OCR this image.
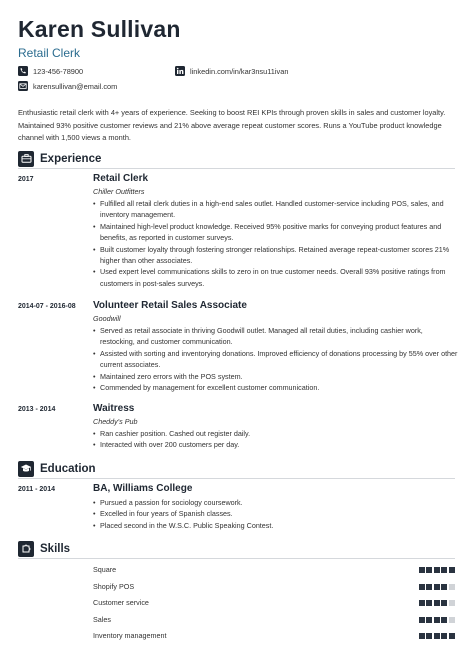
Karen Sullivan
Retail Clerk
123-456-78900	linkedin.com/in/kar3nsu11ivan
karensullivan@email.com
Enthusiastic retail clerk with 4+ years of experience. Seeking to boost REI KPIs through proven skills in sales and customer loyalty. Maintained 93% positive customer reviews and 21% above average repeat customer scores. Runs a YouTube product knowledge channel with 1,500 views a month.
Experience
2017	Retail Clerk
Chiller Outfitters
• Fulfilled all retail clerk duties in a high-end sales outlet. Handled customer-service including POS, sales, and inventory management.
• Maintained high-level product knowledge. Received 95% positive marks for conveying product features and benefits, as reported in customer surveys.
• Built customer loyalty through fostering stronger relationships. Retained average repeat-customer scores 21% higher than other associates.
• Used expert level communications skills to zero in on true customer needs. Overall 93% positive ratings from customers in post-sales surveys.
2014-07 - 2016-08 Volunteer Retail Sales Associate
Goodwill
• Served as retail associate in thriving Goodwill outlet. Managed all retail duties, including cashier work, restocking, and customer communication.
• Assisted with sorting and inventorying donations. Improved efficiency of donations processing by 55% over other current associates.
• Maintained zero errors with the POS system.
• Commended by management for excellent customer communication.
2013 - 2014	Waitress
Cheddy's Pub
• Ran cashier position. Cashed out register daily.
• Interacted with over 200 customers per day.
Education
2011 - 2014	BA, Williams College
• Pursued a passion for sociology coursework.
• Excelled in four years of Spanish classes.
• Placed second in the W.S.C. Public Speaking Contest.
Skills
Square
Shopify POS
Customer service
Sales
Inventory management
